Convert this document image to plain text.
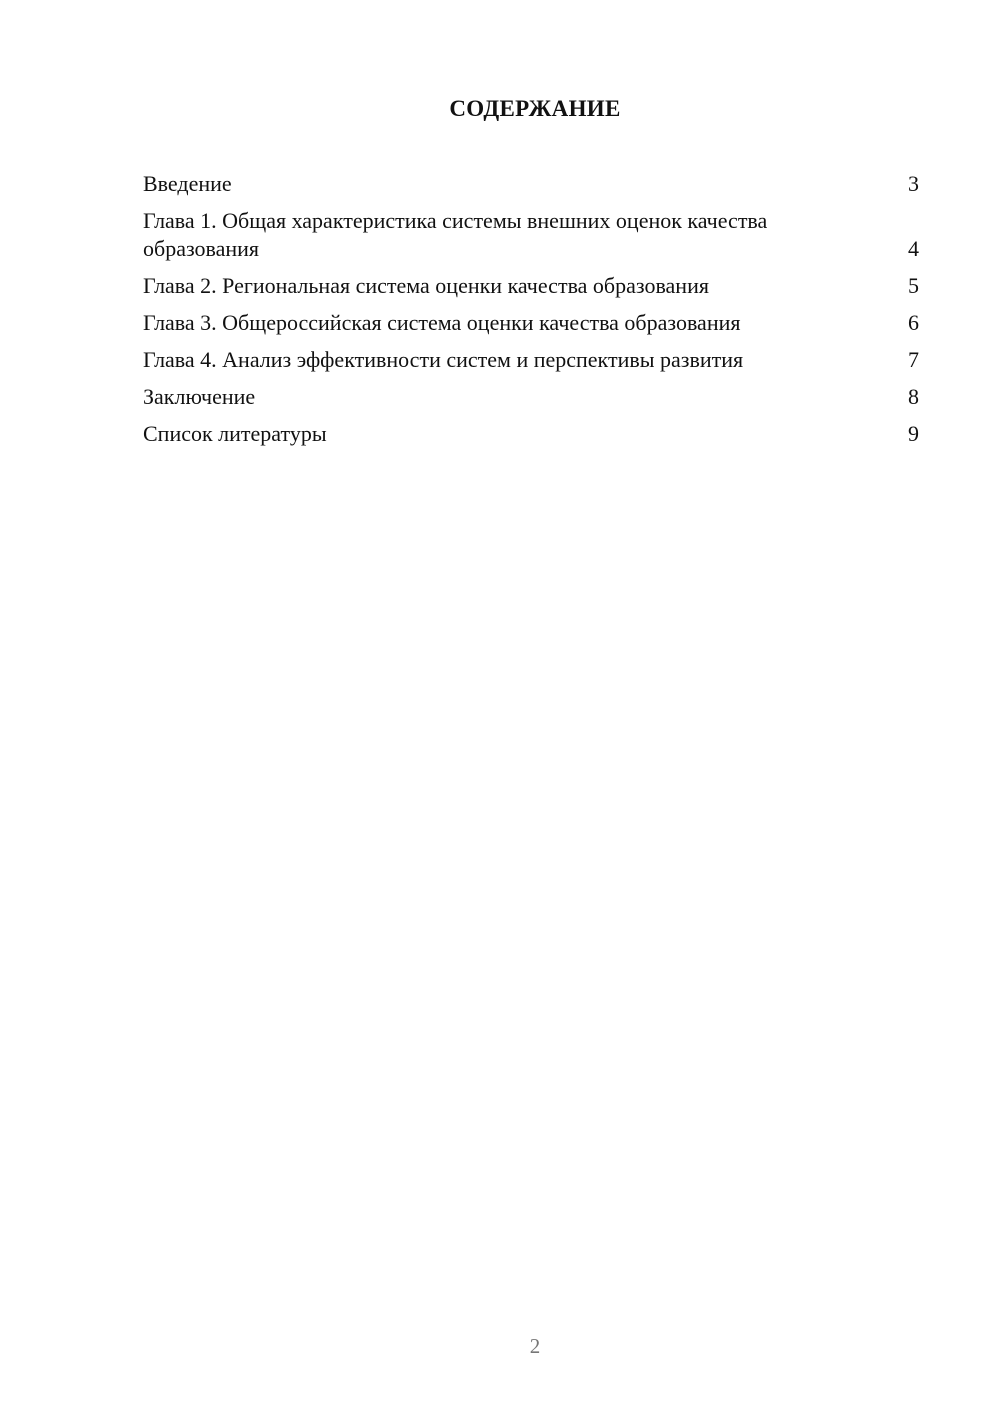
СОДЕРЖАНИЕ
Введение	3
Глава 1. Общая характеристика системы внешних оценок качества образования	4
Глава 2. Региональная система оценки качества образования	5
Глава 3. Общероссийская система оценки качества образования	6
Глава 4. Анализ эффективности систем и перспективы развития	7
Заключение	8
Список литературы	9

2
